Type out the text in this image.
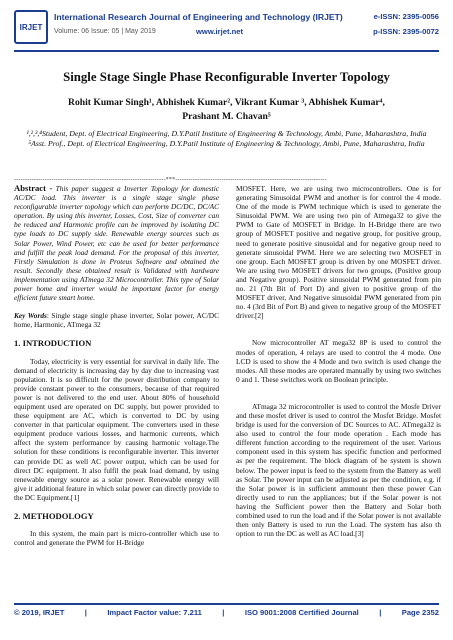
IRJET
International Research Journal of Engineering and Technology (IRJET)	e-ISSN: 2395-0056
Volume: 06 Issue: 05 | May 2019	www.irjet.net	p-ISSN: 2395-0072
Single Stage Single Phase Reconfigurable Inverter Topology
Rohit Kumar Singh¹, Abhishek Kumar², Vikrant Kumar ³, Abhishek Kumar⁴,
Prashant M. Chavan⁵
¹,²,³,⁴Student, Dept. of Electrical Engineering, D.Y.Patil Institute of Engineering & Technology, Ambi, Pune, Maharashtra, India
⁵Asst. Prof., Dept. of Electrical Engineering, D.Y.Patil Institute of Engineering & Technology, Ambi, Pune, Maharashtra, India
---------------------------------------------------------------------***---------------------------------------------------------------------

Abstract - This paper suggest a Inverter Topology for domestic AC/DC load. This inverter is a single stage single phase reconfigurable inverter topology which can perform DC/DC, DC/AC operation. By using this inverter, Losses, Cost, Size of converter can be reduced and Harmonic profile can be improved by isolating DC type loads to DC supply side. Renewable energy sources such as Solar Power, Wind Power, etc can be used for better performance and fulfill the peak load demand. For the proposal of this inverter, Firstly Simulation is done in Proteus Software and obtained the result. Secondly these obtained result is Validated with hardware implementation using ATmega 32 Microcontroller. This type of Solar power home and inverter would be important factor for energy efficient future smart home.

Key Words: Single stage single phase inverter, Solar power, AC/DC home, Harmonic, ATmega 32

1. INTRODUCTION

Today, electricity is very essential for survival in daily life. The demand of electricity is increasing day by day due to increasing vast population. It is so difficult for the power distribution company to provide constant power to the consumers, because of that required power is not delivered to the end user. About 80% of household equipment used are operated on DC supply, but power provided to these equipment are AC, which is converted to DC by using converter in that particular equipment. The converters used in these equipment produce various losses, and harmonic currents, which affect the system performance by causing harmonic voltage.The solution for these conditions is reconfigurable inverter. This inverter can provide DC as well AC power output, which can be used for direct DC equipment. It also fulfil the peak load demand, by using renewable energy source as a solar power. Renewable energy will give it additional feature in which solar power can directly provide to the DC Equipment.[1]

2. METHODOLOGY

In this system, the main part is micro-controller which use to control and generate the PWM for H-Bridge

MOSFET. Here, we are using two microcontrollers. One is for generating Sinusoidal PWM and another is for control the 4 mode. One of the mode is PWM technique which is used to generate the Sinusoidal PWM. We are using two pin of Atmega32 to give the PWM to Gate of MOSFET in Bridge. In H-Bridge there are two group of MOSFET positive and negative group, for positive group, need to generate positive sinusoidal and for negative group need to generate sinusoidal PWM. Here we are selecting two MOSFET in one group. Each MOSFET group is driven by one MOSFET driver. We are using two MOSFET drivers for two groups, (Positive group and Negative group). Positive sinusoidal PWM generated from pin no. 21 (7th Bit of Port D) and given to positive group of the MOSFET driver, And Negative sinusoidal PWM generated from pin no. 4 (3rd Bit of Port B) and given to negative group of the MOSFET driver.[2]

Now microcontroller AT mega32 8P is used to control the modes of operation, 4 relays are used to control the 4 mode. One LCD is used to show the 4 Mode and two switch is used change the modes. All these modes are operated manually by using two switches 0 and 1. These switches work on Boolean principle.

ATmaga 32 microcontroller is used to control the Mosfe Driver and these mosfet driver is used to control the Mosfet Bridge. Mosfet bridge is used for the conversion of DC Sources to AC. ATmega32 is also used to control the four mode operation . Each mode has different function according to the requirement of the user. Various component used in this system has specific function and performed as per the requirement. The block diagram of he system is shown below. The power input is feed to the system from the Battery as well as Solar. The power input can be adjusted as per the condition, e.g. if the Solar power is in sufficient ammount then these power Can directly used to run the appliances; but if the Solar power is not having the Sufficient power then the Battery and Solar both combined used to run the load and if the Solar power is not available then only Battery is used to run the Load. The system has also th option to run the DC as well as AC load.[3]

© 2019, IRJET	|	Impact Factor value: 7.211	|	ISO 9001:2008 Certified Journal	|	Page 2352
